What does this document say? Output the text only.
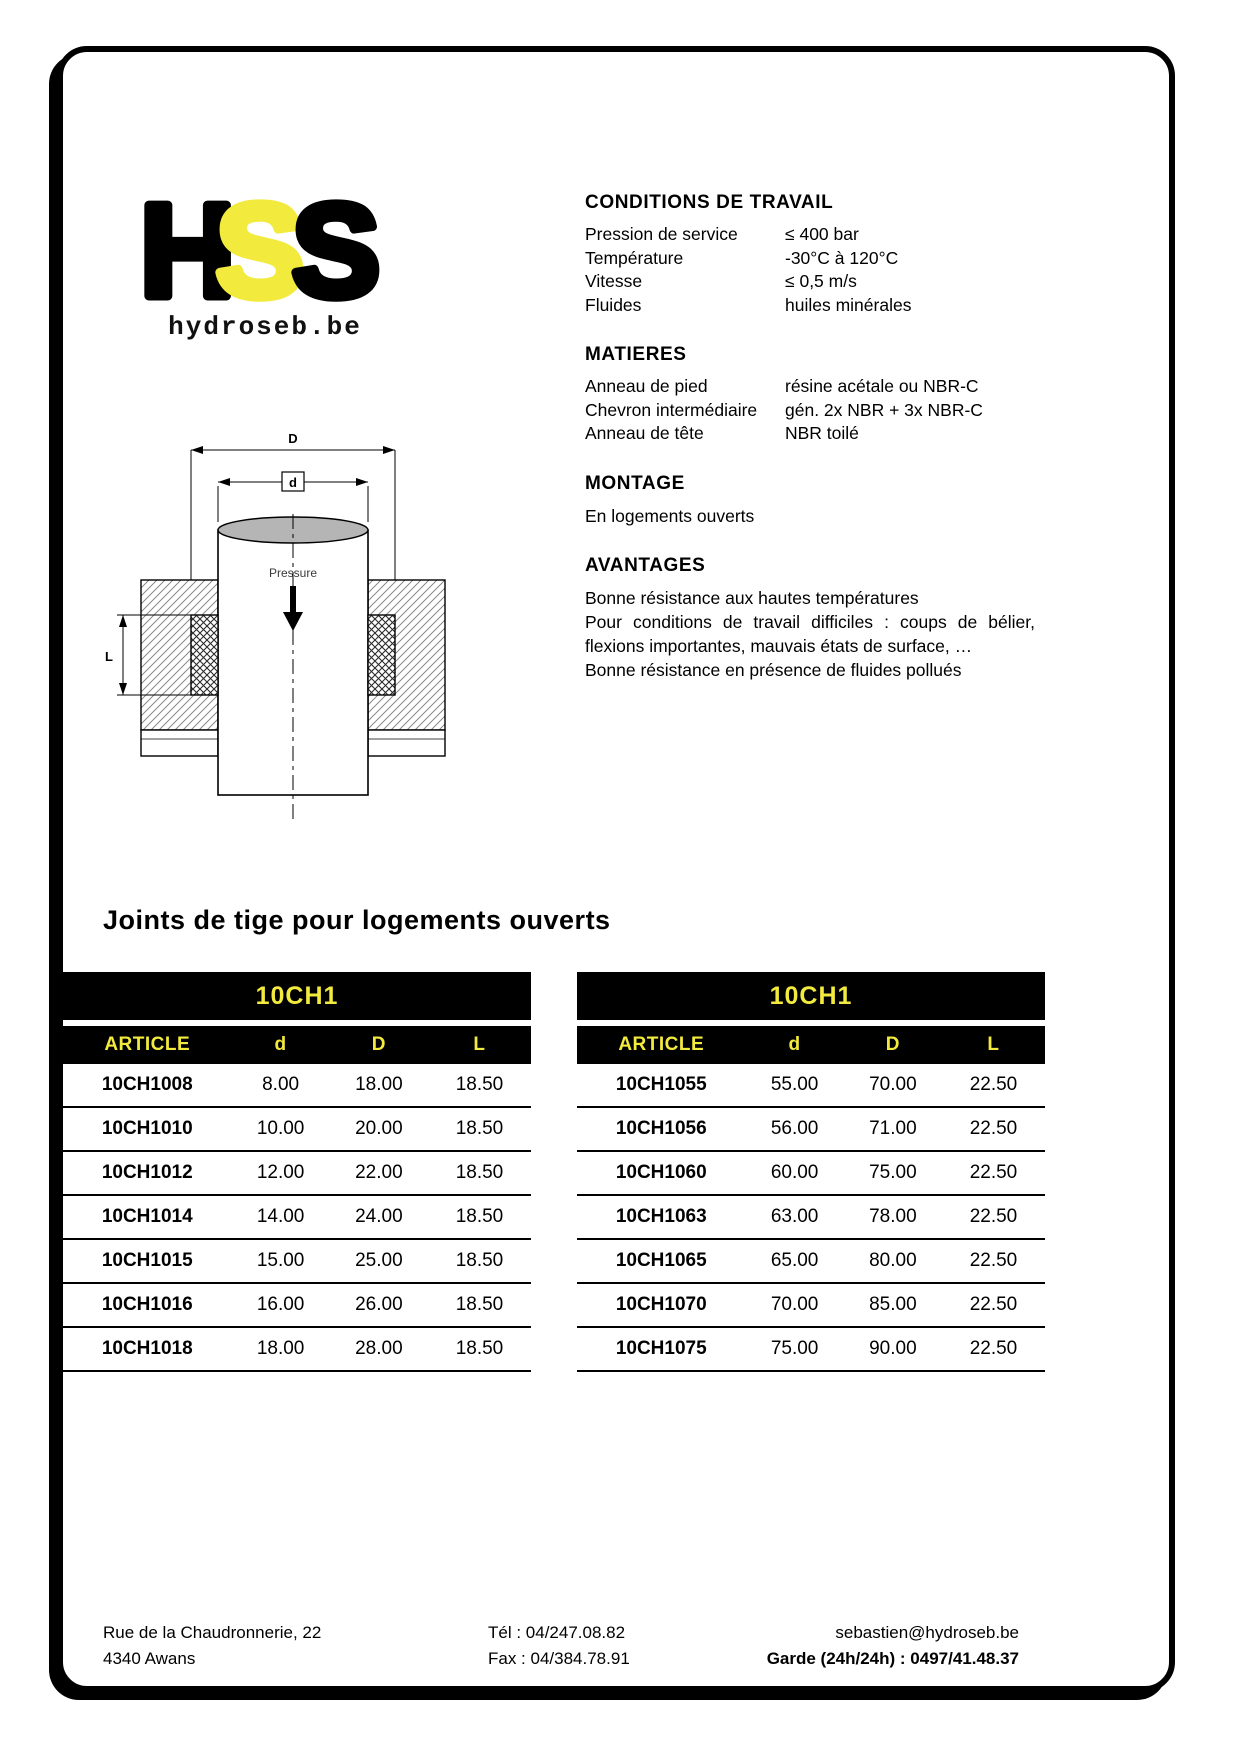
H
S
S
hydroseb.be
D
d
Pressure
L
CONDITIONS DE TRAVAIL
Pression de service	≤ 400 bar
Température	-30°C à 120°C
Vitesse	≤ 0,5 m/s
Fluides	huiles minérales
MATIERES
Anneau de pied	résine acétale ou NBR-C
Chevron intermédiaire	gén. 2x NBR + 3x NBR-C
Anneau de tête	NBR toilé
MONTAGE

En logements ouverts

AVANTAGES

Bonne résistance aux hautes températures

Pour conditions de travail difficiles : coups de bélier, flexions importantes, mauvais états de surface, …

Bonne résistance en présence de fluides pollués

Joints de tige pour logements ouverts
10CH1
ARTICLE	d	D	L
10CH1008	8.00	18.00	18.50
10CH1010	10.00	20.00	18.50
10CH1012	12.00	22.00	18.50
10CH1014	14.00	24.00	18.50
10CH1015	15.00	25.00	18.50
10CH1016	16.00	26.00	18.50
10CH1018	18.00	28.00	18.50
10CH1
ARTICLE	d	D	L
10CH1055	55.00	70.00	22.50
10CH1056	56.00	71.00	22.50
10CH1060	60.00	75.00	22.50
10CH1063	63.00	78.00	22.50
10CH1065	65.00	80.00	22.50
10CH1070	70.00	85.00	22.50
10CH1075	75.00	90.00	22.50
Rue de la Chaudronnerie, 22
4340 Awans
Tél : 04/247.08.82
Fax : 04/384.78.91
sebastien@hydroseb.be
Garde (24h/24h) : 0497/41.48.37
